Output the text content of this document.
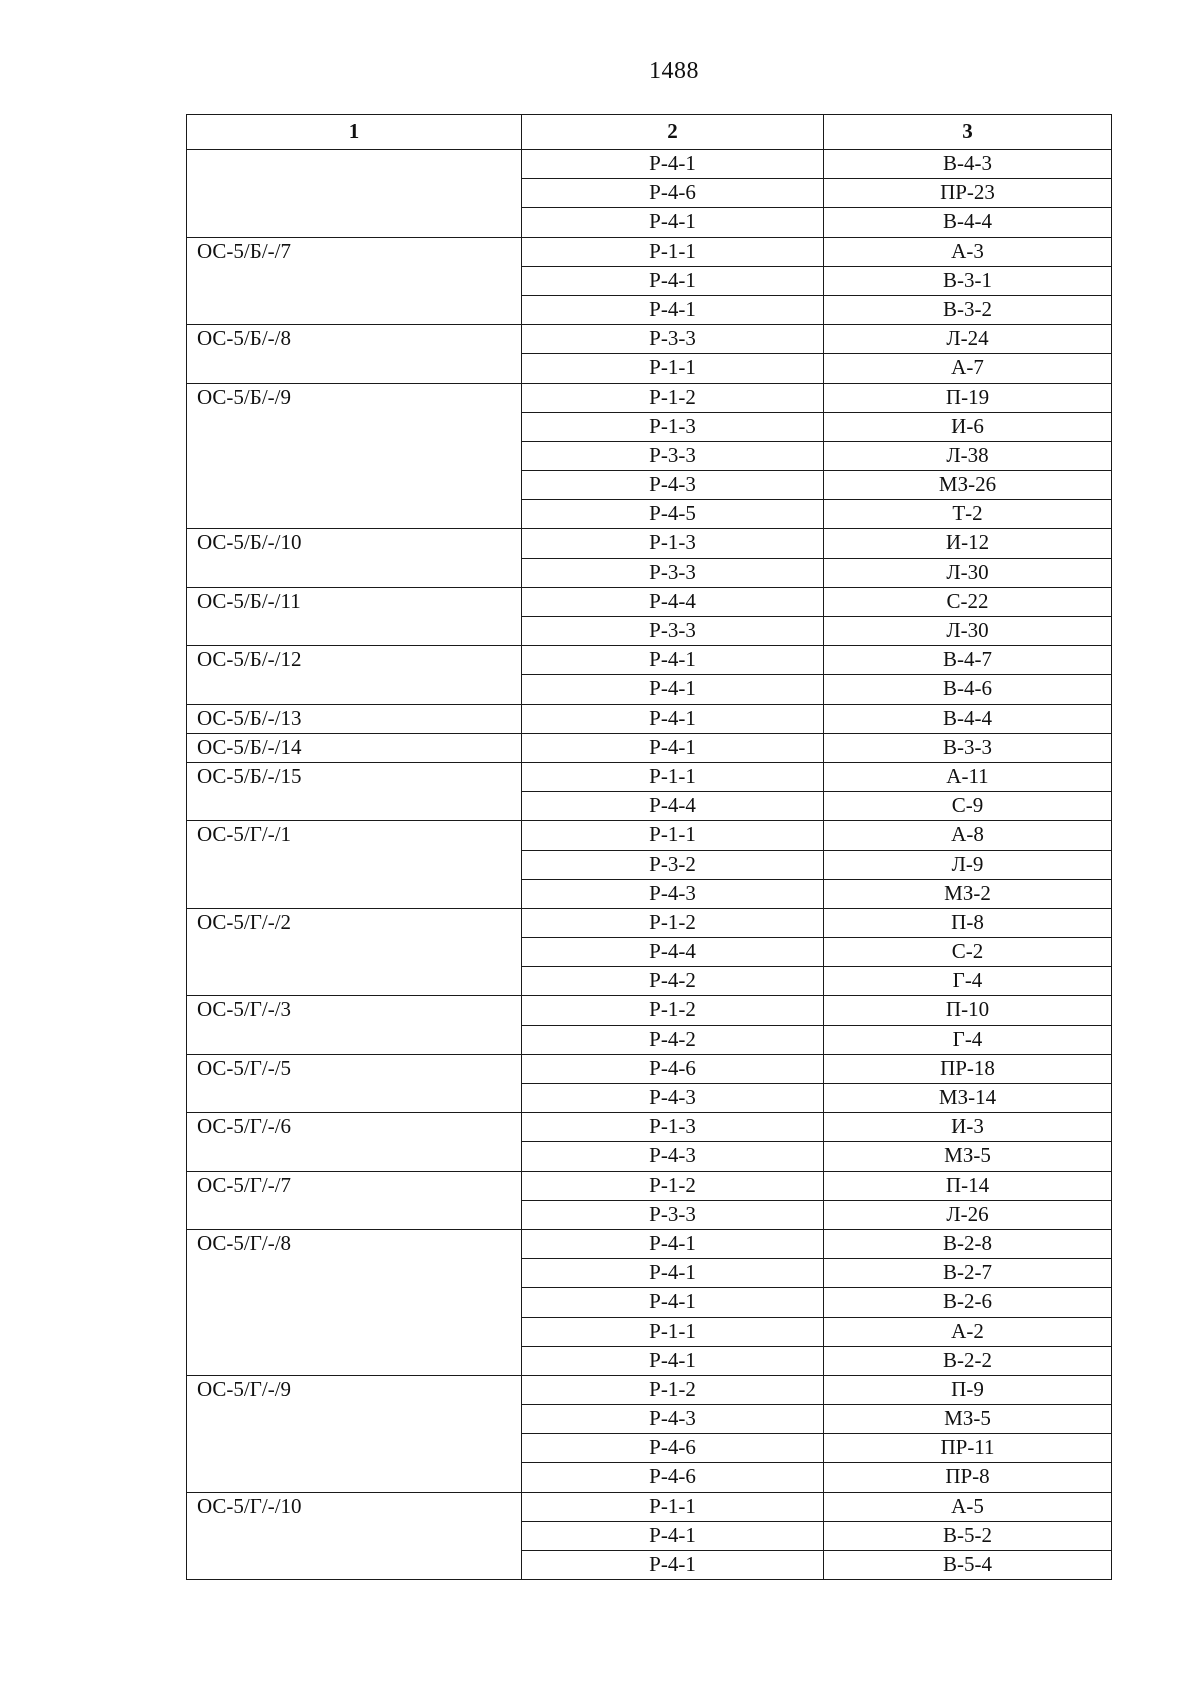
1488
1	2	3
	Р-4-1	В-4-3
	Р-4-6	ПР-23
	Р-4-1	В-4-4
ОС-5/Б/-/7	Р-1-1	А-3
	Р-4-1	В-3-1
	Р-4-1	В-3-2
ОС-5/Б/-/8	Р-3-3	Л-24
	Р-1-1	А-7
ОС-5/Б/-/9	Р-1-2	П-19
	Р-1-3	И-6
	Р-3-3	Л-38
	Р-4-3	МЗ-26
	Р-4-5	Т-2
ОС-5/Б/-/10	Р-1-3	И-12
	Р-3-3	Л-30
ОС-5/Б/-/11	Р-4-4	С-22
	Р-3-3	Л-30
ОС-5/Б/-/12	Р-4-1	В-4-7
	Р-4-1	В-4-6
ОС-5/Б/-/13	Р-4-1	В-4-4
ОС-5/Б/-/14	Р-4-1	В-3-3
ОС-5/Б/-/15	Р-1-1	А-11
	Р-4-4	С-9
ОС-5/Г/-/1	Р-1-1	А-8
	Р-3-2	Л-9
	Р-4-3	МЗ-2
ОС-5/Г/-/2	Р-1-2	П-8
	Р-4-4	С-2
	Р-4-2	Г-4
ОС-5/Г/-/3	Р-1-2	П-10
	Р-4-2	Г-4
ОС-5/Г/-/5	Р-4-6	ПР-18
	Р-4-3	МЗ-14
ОС-5/Г/-/6	Р-1-3	И-3
	Р-4-3	МЗ-5
ОС-5/Г/-/7	Р-1-2	П-14
	Р-3-3	Л-26
ОС-5/Г/-/8	Р-4-1	В-2-8
	Р-4-1	В-2-7
	Р-4-1	В-2-6
	Р-1-1	А-2
	Р-4-1	В-2-2
ОС-5/Г/-/9	Р-1-2	П-9
	Р-4-3	МЗ-5
	Р-4-6	ПР-11
	Р-4-6	ПР-8
ОС-5/Г/-/10	Р-1-1	А-5
	Р-4-1	В-5-2
	Р-4-1	В-5-4
